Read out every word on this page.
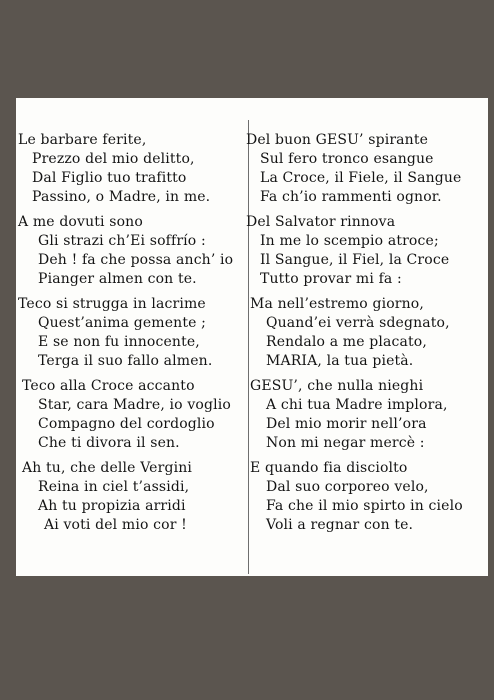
Le barbare ferite,
Prezzo del mio delitto,
Dal Figlio tuo trafitto
Passino, o Madre, in me.
A me dovuti sono
Gli strazi ch’Ei soffrío :
Deh ! fa che possa anch’ io
Pianger almen con te.
Teco si strugga in lacrime
Quest’anima gemente ;
E se non fu innocente,
Terga il suo fallo almen.
Teco alla Croce accanto
Star, cara Madre, io voglio
Compagno del cordoglio
Che ti divora il sen.
Ah tu, che delle Vergini
Reina in ciel t’assidi,
Ah tu propizia arridi
Ai voti del mio cor !
Del buon GESU’ spirante
Sul fero tronco esangue
La Croce, il Fiele, il Sangue
Fa ch’io rammenti ognor.
Del Salvator rinnova
In me lo scempio atroce;
Il Sangue, il Fiel, la Croce
Tutto provar mi fa :
Ma nell’estremo giorno,
Quand’ei verrà sdegnato,
Rendalo a me placato,
MARIA, la tua pietà.
GESU’, che nulla nieghi
A chi tua Madre implora,
Del mio morir nell’ora
Non mi negar mercè :
E quando fia disciolto
Dal suo corporeo velo,
Fa che il mio spirto in cielo
Voli a regnar con te.
